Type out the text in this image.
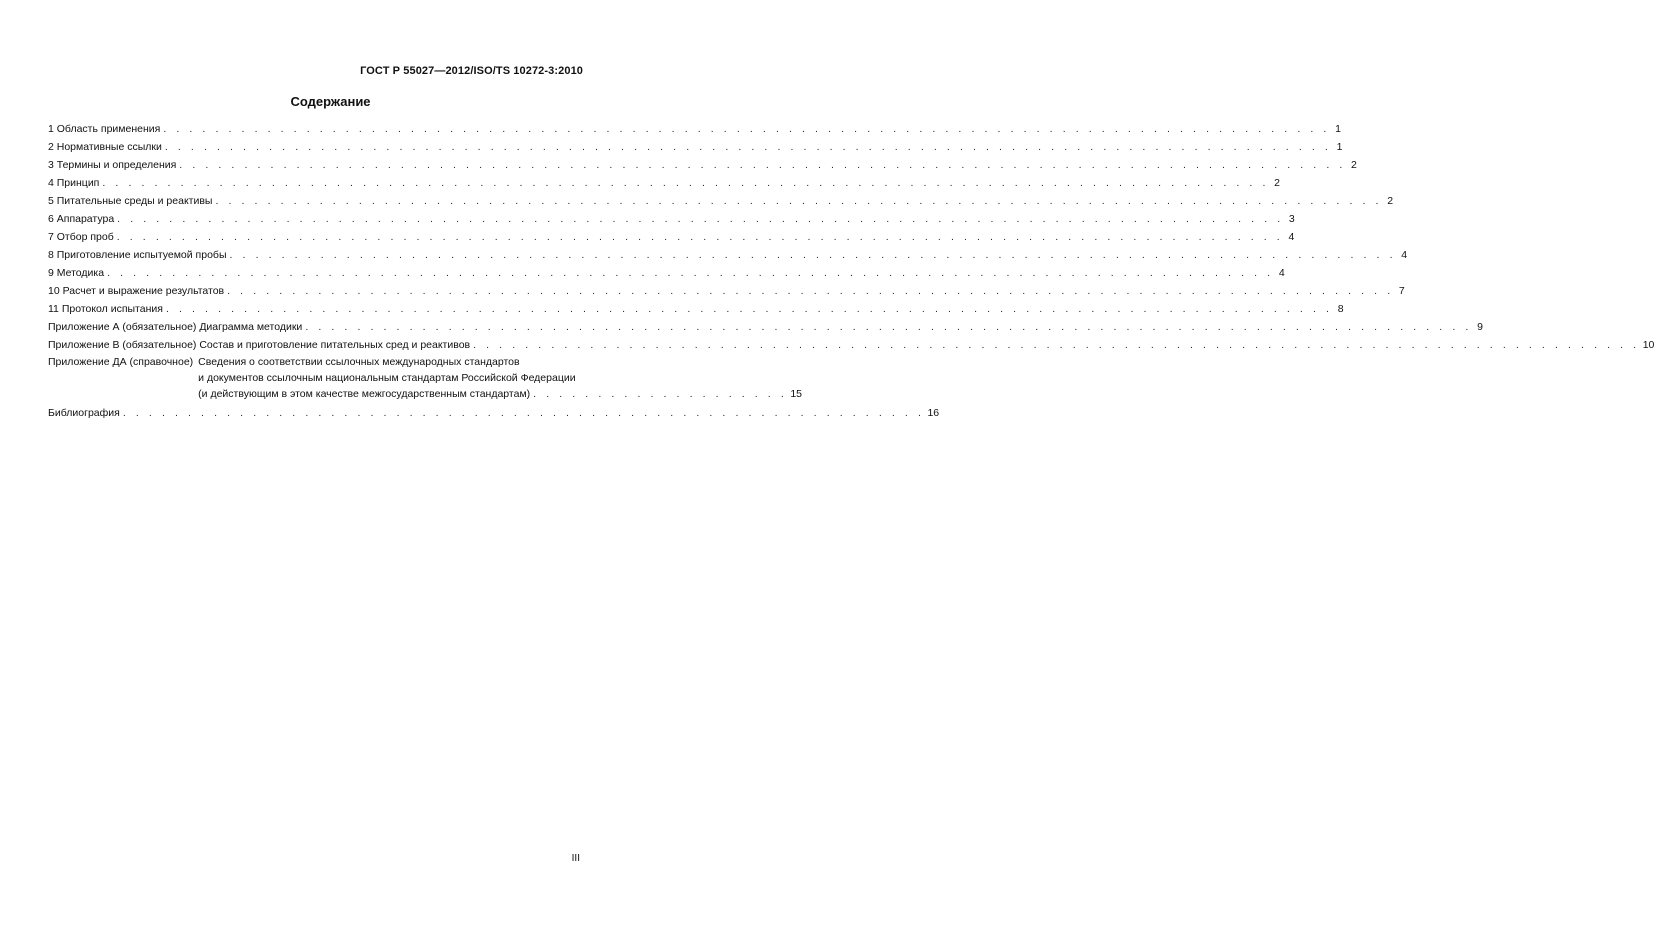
ГОСТ Р 55027—2012/ISO/TS 10272-3:2010
Содержание
1 Область применения . . . . . . . . . . . . . . . . . . . . . . . . . . . . . . . . . . . . . . . . . . . . . . . . . . . . . . . . . . . . . . . . . . . . . . . . . . . . . . . . . . . . . . . . . . 1
2 Нормативные ссылки . . . . . . . . . . . . . . . . . . . . . . . . . . . . . . . . . . . . . . . . . . . . . . . . . . . . . . . . . . . . . . . . . . . . . . . . . . . . . . . . . . . . . . . . . . 1
3 Термины и определения . . . . . . . . . . . . . . . . . . . . . . . . . . . . . . . . . . . . . . . . . . . . . . . . . . . . . . . . . . . . . . . . . . . . . . . . . . . . . . . . . . . . . . . . . . 2
4 Принцип . . . . . . . . . . . . . . . . . . . . . . . . . . . . . . . . . . . . . . . . . . . . . . . . . . . . . . . . . . . . . . . . . . . . . . . . . . . . . . . . . . . . . . . . . . 2
5 Питательные среды и реактивы . . . . . . . . . . . . . . . . . . . . . . . . . . . . . . . . . . . . . . . . . . . . . . . . . . . . . . . . . . . . . . . . . . . . . . . . . . . . . . . . . . . . . . . . . . 2
6 Аппаратура . . . . . . . . . . . . . . . . . . . . . . . . . . . . . . . . . . . . . . . . . . . . . . . . . . . . . . . . . . . . . . . . . . . . . . . . . . . . . . . . . . . . . . . . . . 3
7 Отбор проб . . . . . . . . . . . . . . . . . . . . . . . . . . . . . . . . . . . . . . . . . . . . . . . . . . . . . . . . . . . . . . . . . . . . . . . . . . . . . . . . . . . . . . . . . . 4
8 Приготовление испытуемой пробы . . . . . . . . . . . . . . . . . . . . . . . . . . . . . . . . . . . . . . . . . . . . . . . . . . . . . . . . . . . . . . . . . . . . . . . . . . . . . . . . . . . . . . . . . . 4
9 Методика . . . . . . . . . . . . . . . . . . . . . . . . . . . . . . . . . . . . . . . . . . . . . . . . . . . . . . . . . . . . . . . . . . . . . . . . . . . . . . . . . . . . . . . . . . 4
10 Расчет и выражение результатов . . . . . . . . . . . . . . . . . . . . . . . . . . . . . . . . . . . . . . . . . . . . . . . . . . . . . . . . . . . . . . . . . . . . . . . . . . . . . . . . . . . . . . . . . . 7
11 Протокол испытания . . . . . . . . . . . . . . . . . . . . . . . . . . . . . . . . . . . . . . . . . . . . . . . . . . . . . . . . . . . . . . . . . . . . . . . . . . . . . . . . . . . . . . . . . . 8
Приложение А (обязательное) Диаграмма методики . . . . . . . . . . . . . . . . . . . . . . . . . . . . . . . . . . . . . . . . . . . . . . . . . . . . . . . . . . . . . . . . . . . . . . . . . . . . . . . . . . . . . . . . . . 9
Приложение В (обязательное) Состав и приготовление питательных сред и реактивов . . . . . . . . . . . . . . . . . . . . . . . . . . . . . . . . . . . . . . . . . . . . . . . . . . . . . . . . . . . . . . . . . . . . . . . . . . . . . . . . . . . . . . . . . . 10
Приложение ДА (справочное) Сведения о соответствии ссылочных международных стандартов
и документов ссылочным национальным стандартам Российской Федерации
(и действующим в этом качестве межгосударственным стандартам) . . . . . . . . . . . . . . . . . . . . 15
Библиография . . . . . . . . . . . . . . . . . . . . . . . . . . . . . . . . . . . . . . . . . . . . . . . . . . . . . . . . . . . . . . 16
III
